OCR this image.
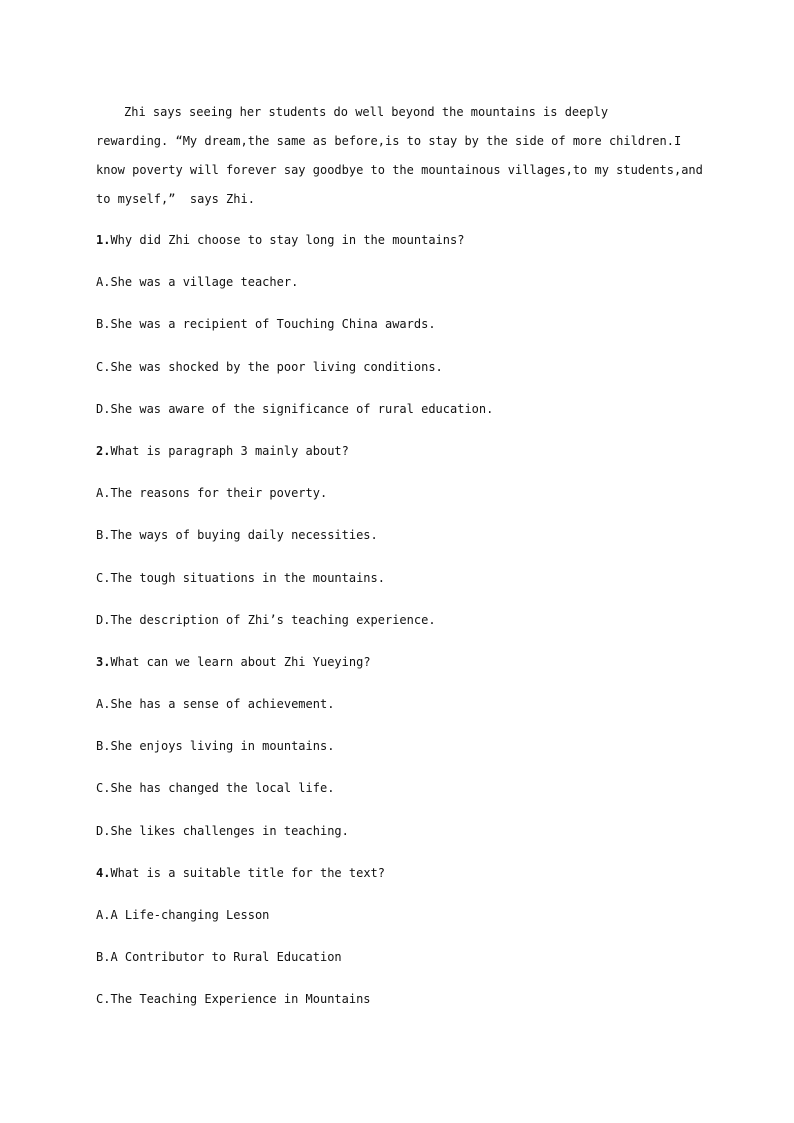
Zhi says seeing her students do well beyond the mountains is deeply
rewarding. “My dream,the same as before,is to stay by the side of more children.I
know poverty will forever say goodbye to the mountainous villages,to my students,and
to myself,”  says Zhi.
1.Why did Zhi choose to stay long in the mountains?
A.She was a village teacher.
B.She was a recipient of Touching China awards.
C.She was shocked by the poor living conditions.
D.She was aware of the significance of rural education.
2.What is paragraph 3 mainly about?
A.The reasons for their poverty.
B.The ways of buying daily necessities.
C.The tough situations in the mountains.
D.The description of Zhi’s teaching experience.
3.What can we learn about Zhi Yueying?
A.She has a sense of achievement.
B.She enjoys living in mountains.
C.She has changed the local life.
D.She likes challenges in teaching.
4.What is a suitable title for the text?
A.A Life-changing Lesson
B.A Contributor to Rural Education
C.The Teaching Experience in Mountains
